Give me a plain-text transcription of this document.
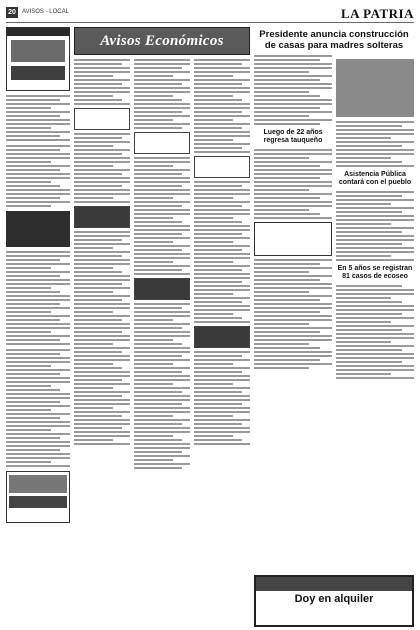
20	AVISOS - LOCAL	LA PATRIA
Avisos Económicos	Presidente anuncia construcción de casas para madres solteras
Luego de 22 años regresa tauqueño
Asistencia Pública contará con el pueblo
En 5 años se registran 81 casos de ecoseo
Doy en alquiler
